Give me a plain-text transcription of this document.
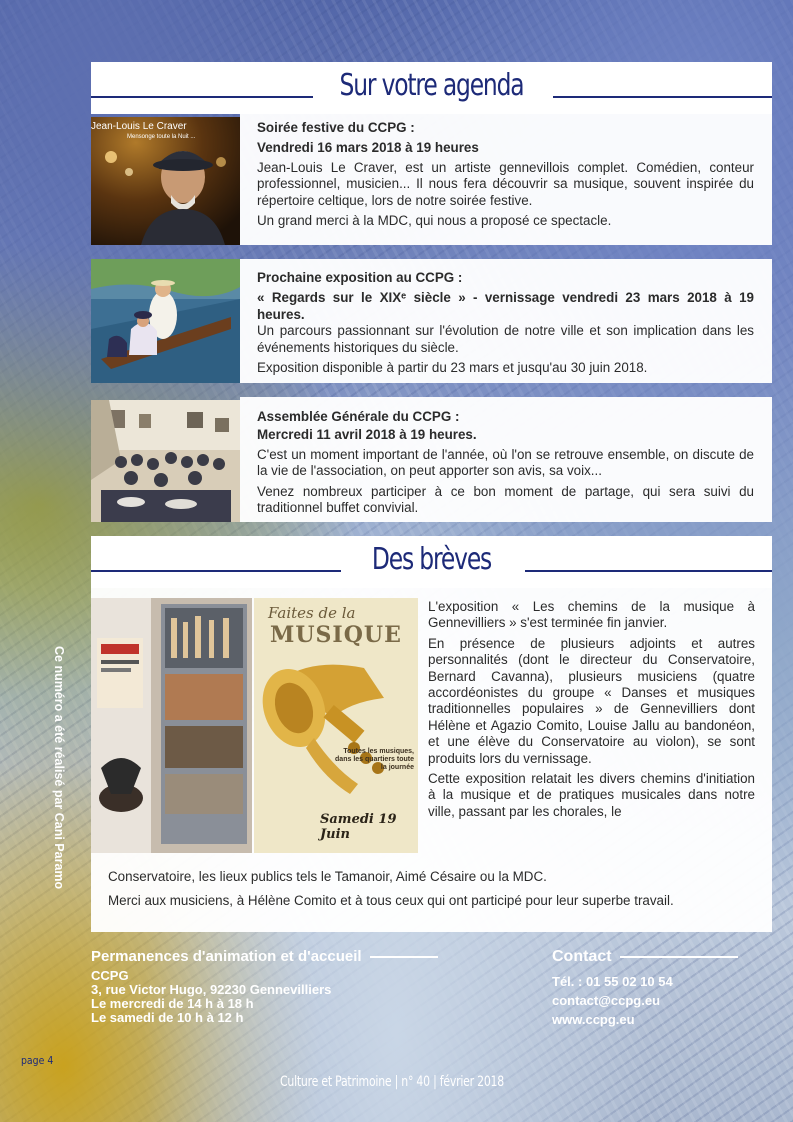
Sur votre agenda
Jean-Louis Le Craver
Mensonge toute la Nuit ...
Soirée festive du CCPG :
Vendredi 16 mars 2018 à 19 heures

Jean-Louis Le Craver, est un artiste gennevillois complet. Comédien, conteur professionnel, musicien... Il nous fera découvrir sa musique, souvent inspirée du répertoire celtique, lors de notre soirée festive.

Un grand merci à la MDC, qui nous a proposé ce spectacle.

Prochaine exposition au CCPG :
« Regards sur le XIXᵉ siècle » - vernissage vendredi 23 mars 2018 à 19 heures.

Un parcours passionnant sur l'évolution de notre ville et son implication dans les événements historiques du siècle.

Exposition disponible à partir du 23 mars et jusqu'au 30 juin 2018.

Assemblée Générale du CCPG :
Mercredi 11 avril 2018 à 19 heures.

C'est un moment important de l'année, où l'on se retrouve ensemble, on discute de la vie de l'association, on peut apporter son avis, sa voix...

Venez nombreux participer à ce bon moment de partage, qui sera suivi du traditionnel buffet convivial.

Des brèves
Faites de la
MUSIQUE
Toutes les musiques, dans les quartiers toute la journée
Samedi 19 Juin

L'exposition « Les chemins de la musique à Gennevilliers » s'est terminée fin janvier.

En présence de plusieurs adjoints et autres personnalités (dont le directeur du Conservatoire, Bernard Cavanna), plusieurs musiciens (quatre accordéonistes du groupe « Danses et musiques traditionnelles populaires » de Gennevilliers dont Hélène et Agazio Comito, Louise Jallu au bandonéon, et une élève du Conservatoire au violon), se sont produits lors du vernissage.

Cette exposition relatait les divers chemins d'initiation à la musique et de pratiques musicales dans notre ville, passant par les chorales, le

Conservatoire, les lieux publics tels le Tamanoir, Aimé Césaire ou la MDC.

Merci aux musiciens, à Hélène Comito et à tous ceux qui ont participé pour leur superbe travail.

Ce numéro a été réalisé par Cani Paramo
Permanences d'animation et d'accueil
CCPG
3, rue Victor Hugo, 92230 Gennevilliers
Le mercredi de 14 h à 18 h
Le samedi de 10 h à 12 h
Contact
Tél. : 01 55 02 10 54
contact@ccpg.eu
www.ccpg.eu
page 4
Culture et Patrimoine | n° 40 | février 2018
